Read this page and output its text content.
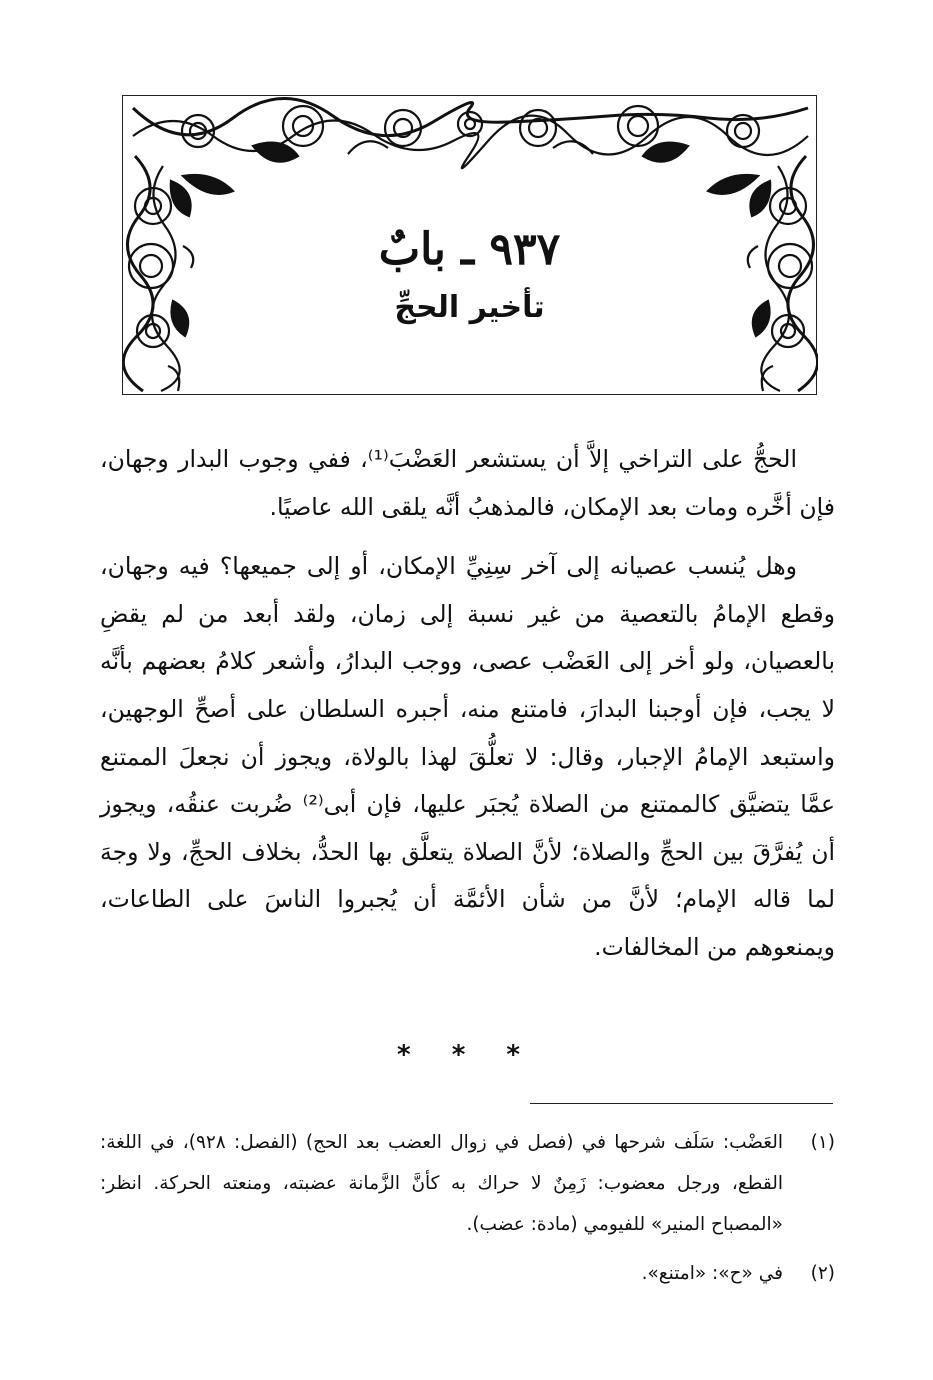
٩٣٧ ـ بابٌ
تأخير الحجِّ

الحجُّ على التراخي إلاَّ أن يستشعر العَضْبَ⁽¹⁾، ففي وجوب البدار وجهان، فإن أخَّره ومات بعد الإمكان، فالمذهبُ أنَّه يلقى الله عاصيًا.

وهل يُنسب عصيانه إلى آخر سِنِيِّ الإمكان، أو إلى جميعها؟ فيه وجهان، وقطع الإمامُ بالتعصية من غير نسبة إلى زمان، ولقد أبعد من لم يقضِ بالعصيان، ولو أخر إلى العَضْب عصى، ووجب البدارُ، وأشعر كلامُ بعضهم بأنَّه لا يجب، فإن أوجبنا البدارَ، فامتنع منه، أجبره السلطان على أصحِّ الوجهين، واستبعد الإمامُ الإجبار، وقال: لا تعلُّقَ لهذا بالولاة، ويجوز أن نجعلَ الممتنع عمَّا يتضيَّق كالممتنع من الصلاة يُجبَر عليها، فإن أبى⁽²⁾ ضُربت عنقُه، ويجوز أن يُفرَّقَ بين الحجِّ والصلاة؛ لأنَّ الصلاة يتعلَّق بها الحدُّ، بخلاف الحجِّ، ولا وجهَ لما قاله الإمام؛ لأنَّ من شأن الأئمَّة أن يُجبروا الناسَ على الطاعات، ويمنعوهم من المخالفات.

* * *
(١)
العَضْب: سَلَف شرحها في (فصل في زوال العضب بعد الحج) (الفصل: ٩٢٨)، في اللغة: القطع، ورجل معضوب: زَمِنٌ لا حراك به كأنَّ الزَّمانة عضبته، ومنعته الحركة. انظر: «المصباح المنير» للفيومي (مادة: عضب).
(٢)
في «ح»: «امتنع».
